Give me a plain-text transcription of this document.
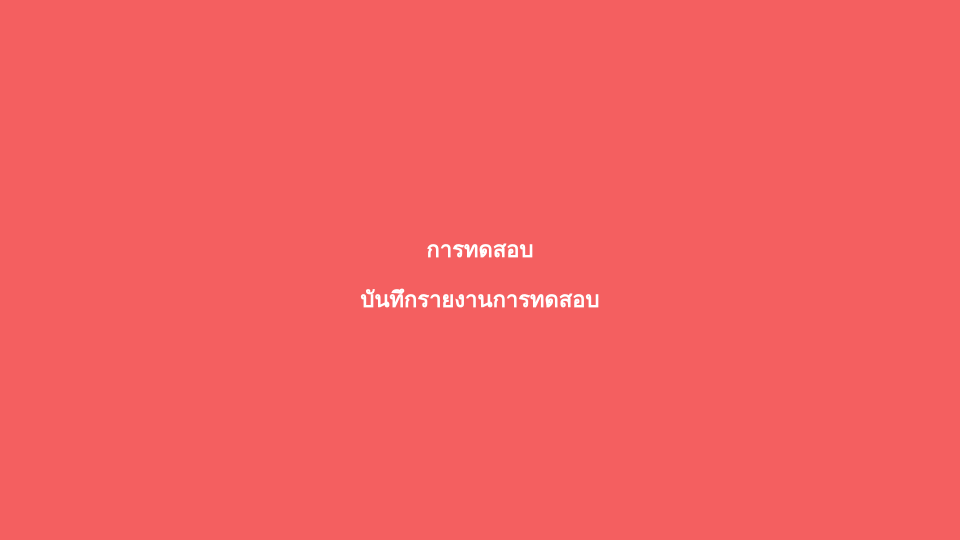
การทดสอบ
บันทึกรายงานการทดสอบ
